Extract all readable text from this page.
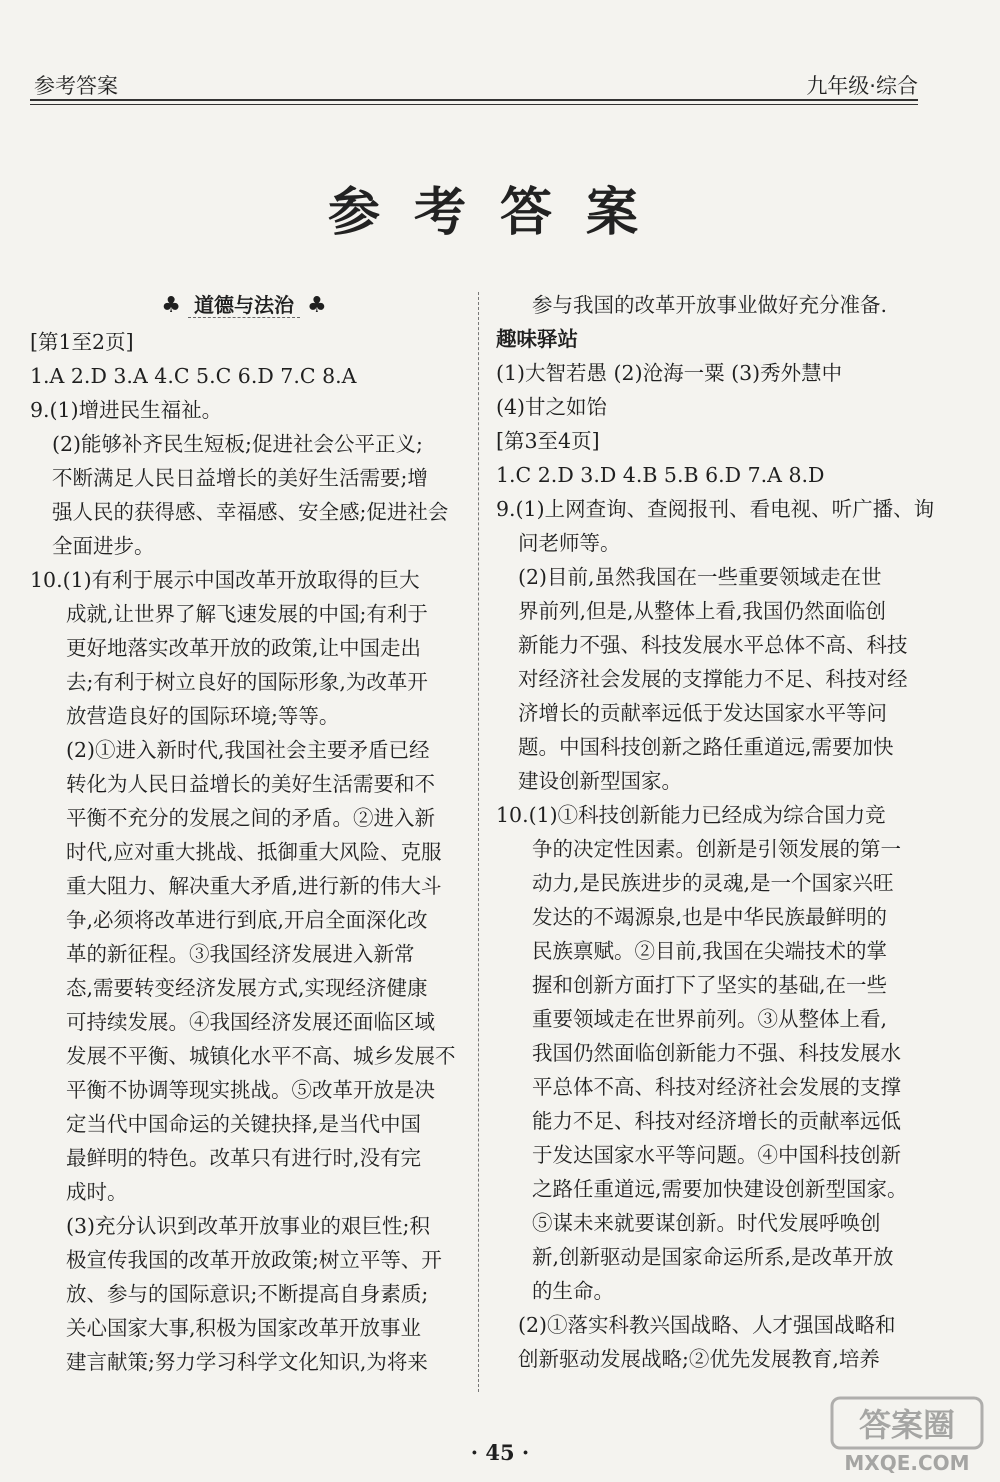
参考答案	九年级·综合
参考答案
♣ 道德与法治 ♣

[第1至2页]

1.A 2.D 3.A 4.C 5.C 6.D 7.C 8.A

9.(1)增进民生福祉。

(2)能够补齐民生短板;促进社会公平正义;

不断满足人民日益增长的美好生活需要;增

强人民的获得感、幸福感、安全感;促进社会

全面进步。

10.(1)有利于展示中国改革开放取得的巨大

成就,让世界了解飞速发展的中国;有利于

更好地落实改革开放的政策,让中国走出

去;有利于树立良好的国际形象,为改革开

放营造良好的国际环境;等等。

(2)①进入新时代,我国社会主要矛盾已经

转化为人民日益增长的美好生活需要和不

平衡不充分的发展之间的矛盾。②进入新

时代,应对重大挑战、抵御重大风险、克服

重大阻力、解决重大矛盾,进行新的伟大斗

争,必须将改革进行到底,开启全面深化改

革的新征程。③我国经济发展进入新常

态,需要转变经济发展方式,实现经济健康

可持续发展。④我国经济发展还面临区域

发展不平衡、城镇化水平不高、城乡发展不

平衡不协调等现实挑战。⑤改革开放是决

定当代中国命运的关键抉择,是当代中国

最鲜明的特色。改革只有进行时,没有完

成时。

(3)充分认识到改革开放事业的艰巨性;积

极宣传我国的改革开放政策;树立平等、开

放、参与的国际意识;不断提高自身素质;

关心国家大事,积极为国家改革开放事业

建言献策;努力学习科学文化知识,为将来

参与我国的改革开放事业做好充分准备.

趣味驿站

(1)大智若愚 (2)沧海一粟 (3)秀外慧中

(4)甘之如饴

[第3至4页]

1.C 2.D 3.D 4.B 5.B 6.D 7.A 8.D

9.(1)上网查询、查阅报刊、看电视、听广播、询

问老师等。

(2)目前,虽然我国在一些重要领域走在世

界前列,但是,从整体上看,我国仍然面临创

新能力不强、科技发展水平总体不高、科技

对经济社会发展的支撑能力不足、科技对经

济增长的贡献率远低于发达国家水平等问

题。中国科技创新之路任重道远,需要加快

建设创新型国家。

10.(1)①科技创新能力已经成为综合国力竞

争的决定性因素。创新是引领发展的第一

动力,是民族进步的灵魂,是一个国家兴旺

发达的不竭源泉,也是中华民族最鲜明的

民族禀赋。②目前,我国在尖端技术的掌

握和创新方面打下了坚实的基础,在一些

重要领域走在世界前列。③从整体上看,

我国仍然面临创新能力不强、科技发展水

平总体不高、科技对经济社会发展的支撑

能力不足、科技对经济增长的贡献率远低

于发达国家水平等问题。④中国科技创新

之路任重道远,需要加快建设创新型国家。

⑤谋未来就要谋创新。时代发展呼唤创

新,创新驱动是国家命运所系,是改革开放

的生命。

(2)①落实科教兴国战略、人才强国战略和

创新驱动发展战略;②优先发展教育,培养

· 45 ·
答案圈
MXQE.COM
